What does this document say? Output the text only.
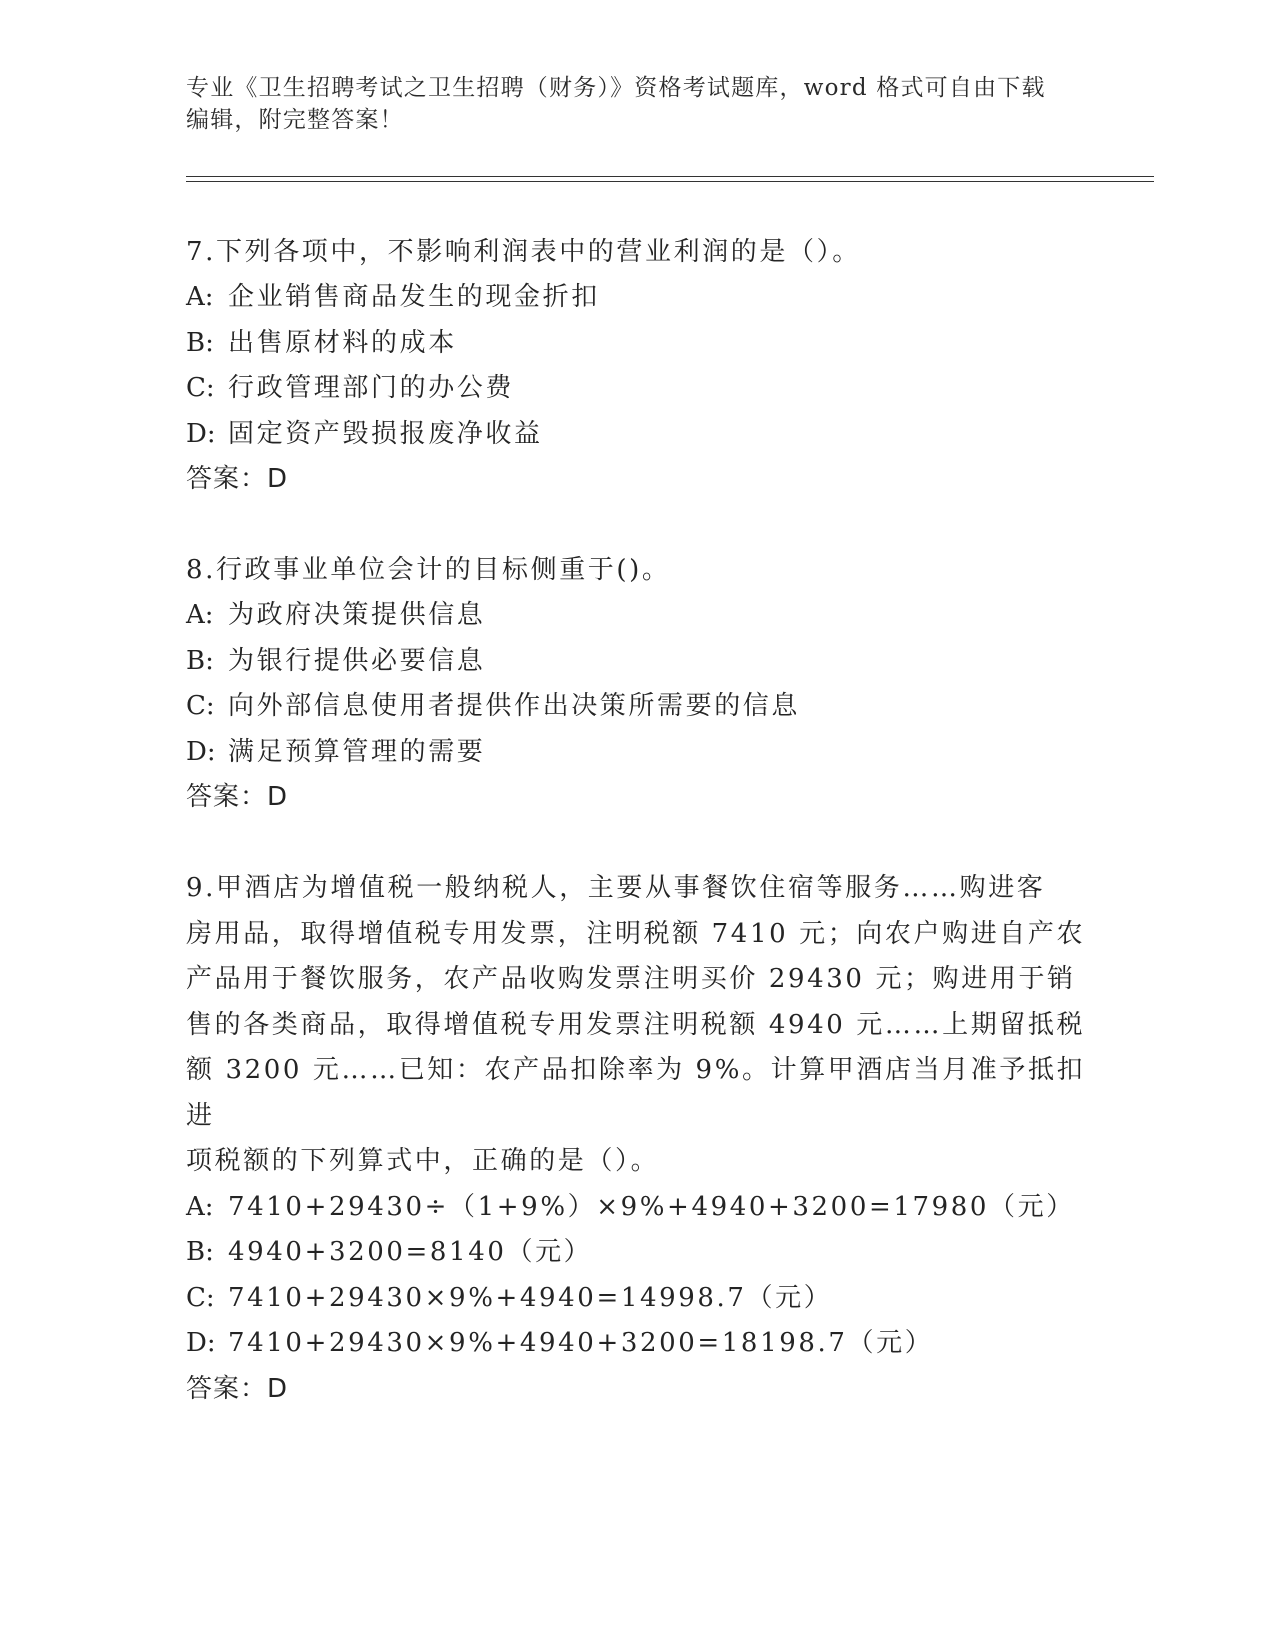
专业《卫生招聘考试之卫生招聘（财务）》资格考试题库，word 格式可自由下载
编辑，附完整答案！

7.下列各项中，不影响利润表中的营业利润的是（）。

A: 企业销售商品发生的现金折扣

B: 出售原材料的成本

C: 行政管理部门的办公费

D: 固定资产毁损报废净收益

答案：D

8.行政事业单位会计的目标侧重于()。

A: 为政府决策提供信息

B: 为银行提供必要信息

C: 向外部信息使用者提供作出决策所需要的信息

D: 满足预算管理的需要

答案：D

9.甲酒店为增值税一般纳税人，主要从事餐饮住宿等服务……购进客

房用品，取得增值税专用发票，注明税额 7410 元；向农户购进自产农

产品用于餐饮服务，农产品收购发票注明买价 29430 元；购进用于销

售的各类商品，取得增值税专用发票注明税额 4940 元……上期留抵税

额 3200 元……已知：农产品扣除率为 9%。计算甲酒店当月准予抵扣进

项税额的下列算式中，正确的是（）。

A: 7410+29430÷（1+9%）×9%+4940+3200=17980（元）

B: 4940+3200=8140（元）

C: 7410+29430×9%+4940=14998.7（元）

D: 7410+29430×9%+4940+3200=18198.7（元）

答案：D
